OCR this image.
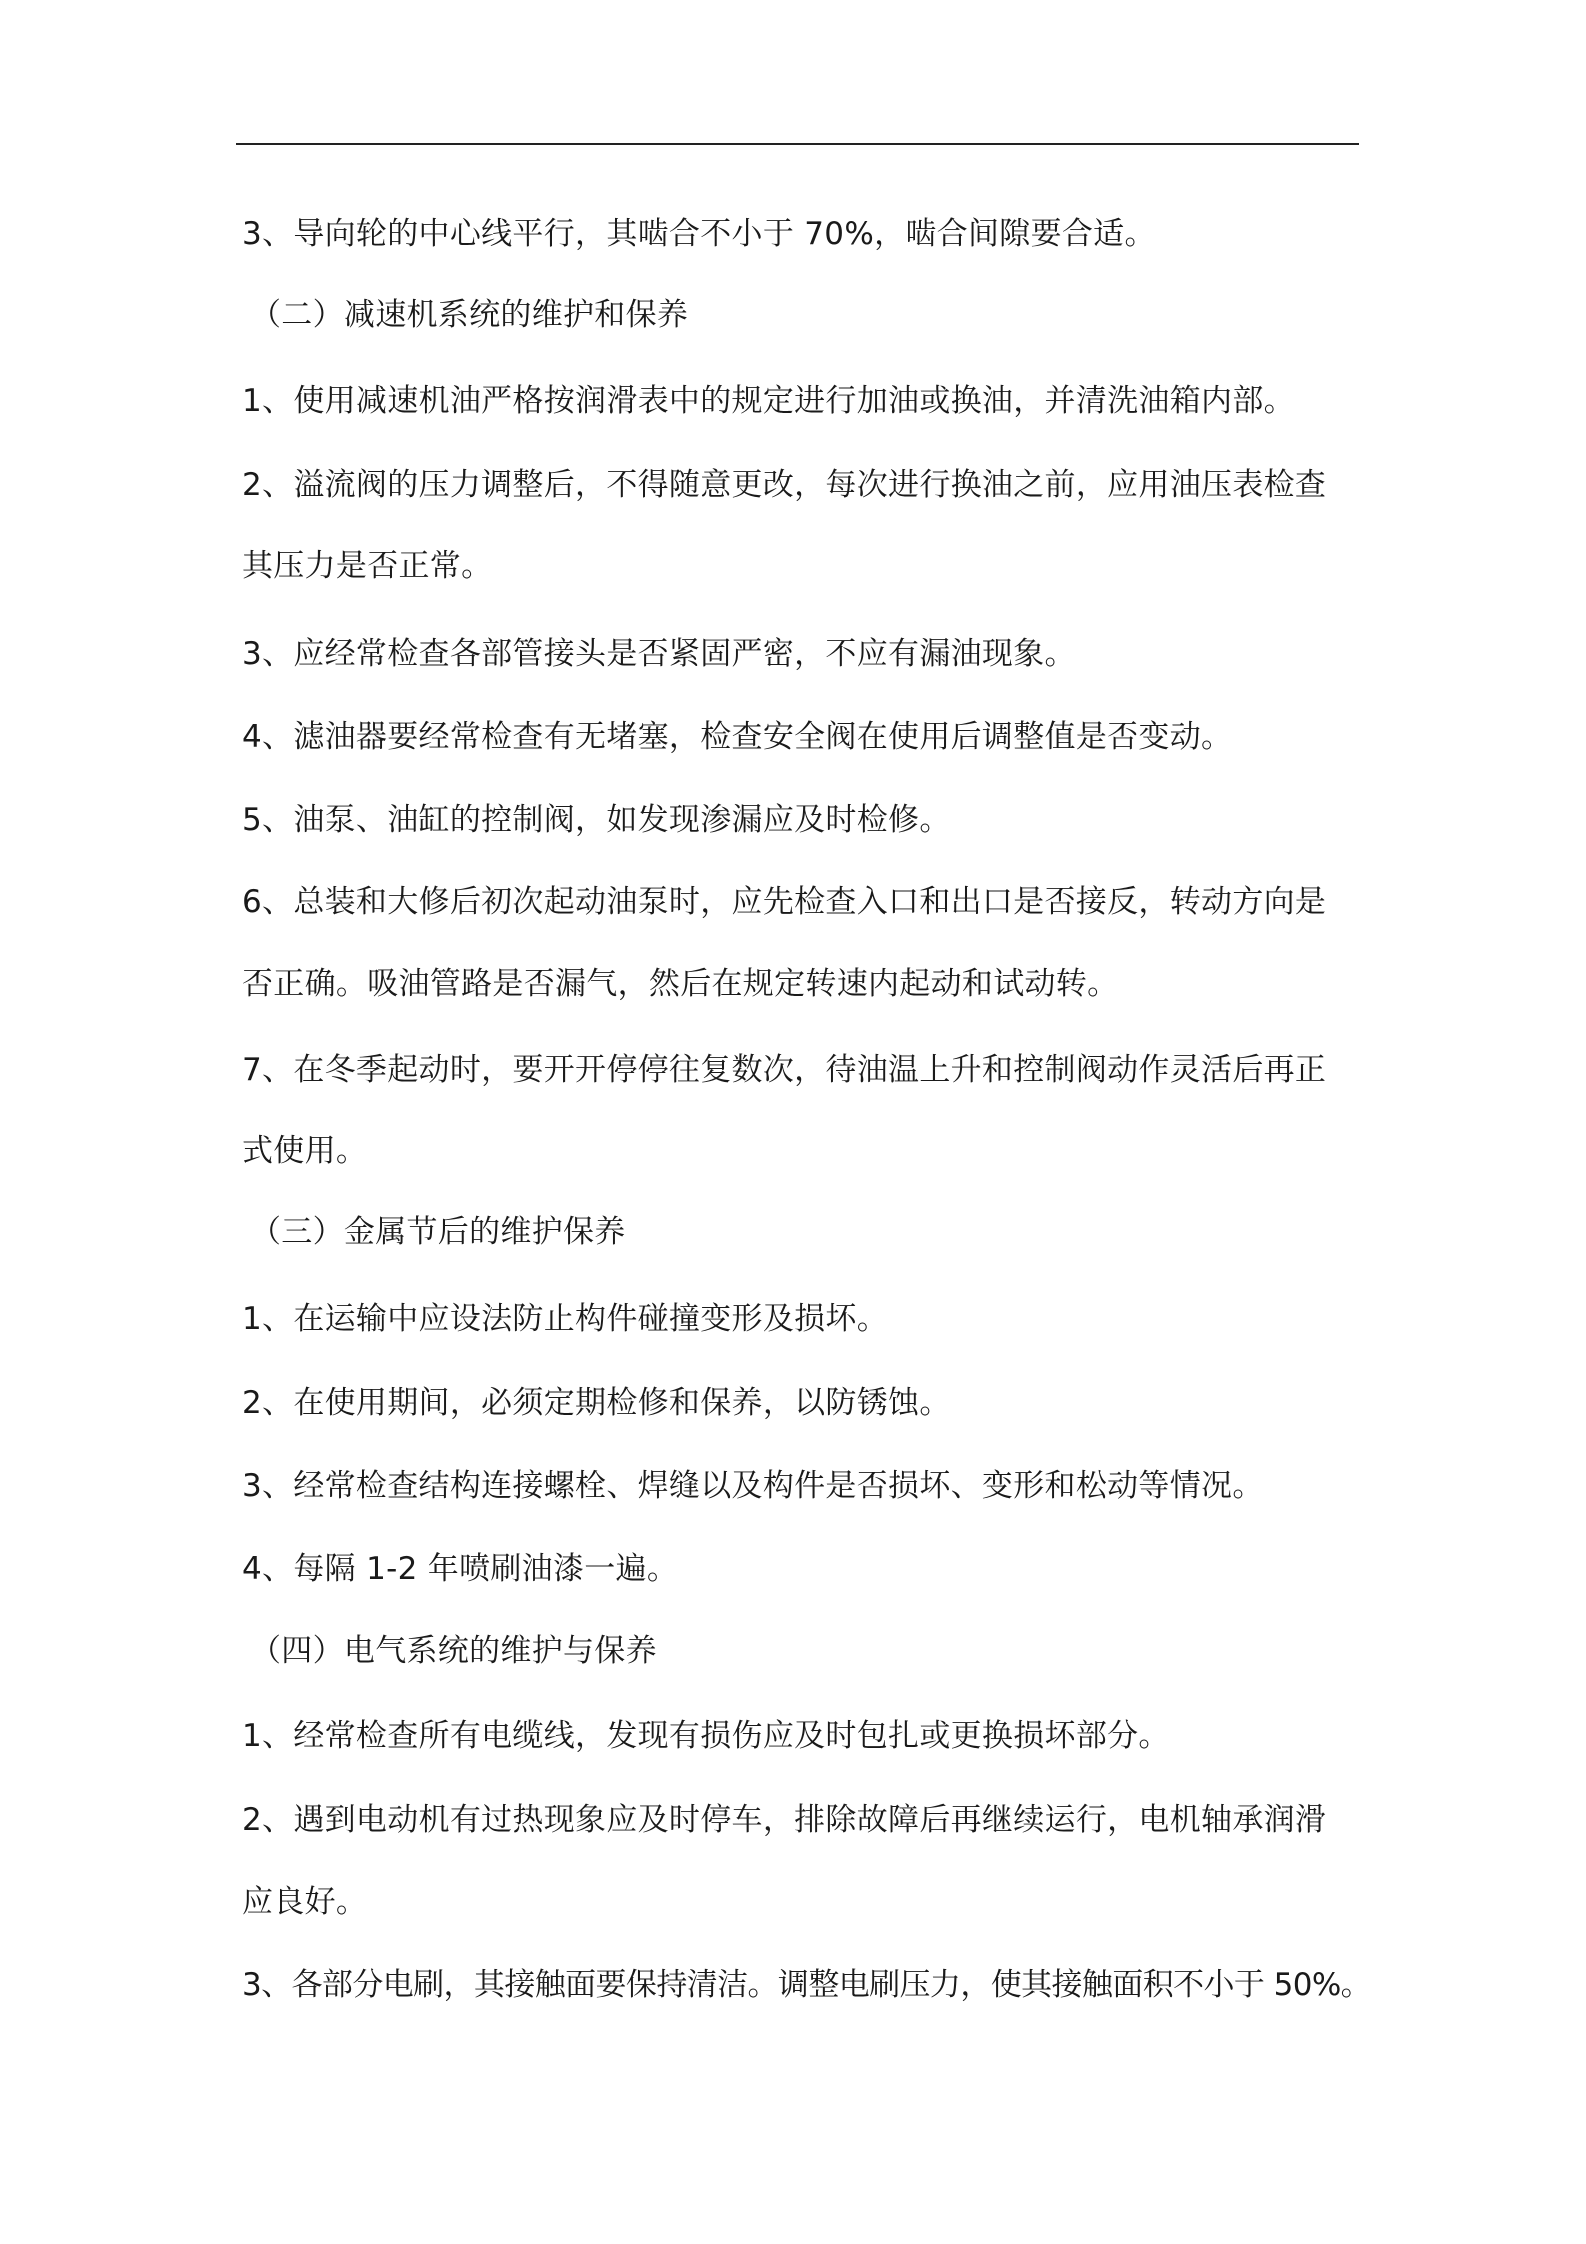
3、导向轮的中心线平行，其啮合不小于 70%，啮合间隙要合适。
（二）减速机系统的维护和保养
1、使用减速机油严格按润滑表中的规定进行加油或换油，并清洗油箱内部。
2、溢流阀的压力调整后，不得随意更改，每次进行换油之前，应用油压表检查
其压力是否正常。
3、应经常检查各部管接头是否紧固严密，不应有漏油现象。
4、滤油器要经常检查有无堵塞，检查安全阀在使用后调整值是否变动。
5、油泵、油缸的控制阀，如发现渗漏应及时检修。
6、总装和大修后初次起动油泵时，应先检查入口和出口是否接反，转动方向是
否正确。吸油管路是否漏气，然后在规定转速内起动和试动转。
7、在冬季起动时，要开开停停往复数次，待油温上升和控制阀动作灵活后再正
式使用。
（三）金属节后的维护保养
1、在运输中应设法防止构件碰撞变形及损坏。
2、在使用期间，必须定期检修和保养，以防锈蚀。
3、经常检查结构连接螺栓、焊缝以及构件是否损坏、变形和松动等情况。
4、每隔 1-2 年喷刷油漆一遍。
（四）电气系统的维护与保养
1、经常检查所有电缆线，发现有损伤应及时包扎或更换损坏部分。
2、遇到电动机有过热现象应及时停车，排除故障后再继续运行，电机轴承润滑
应良好。
3、各部分电刷，其接触面要保持清洁。调整电刷压力，使其接触面积不小于 50%。
